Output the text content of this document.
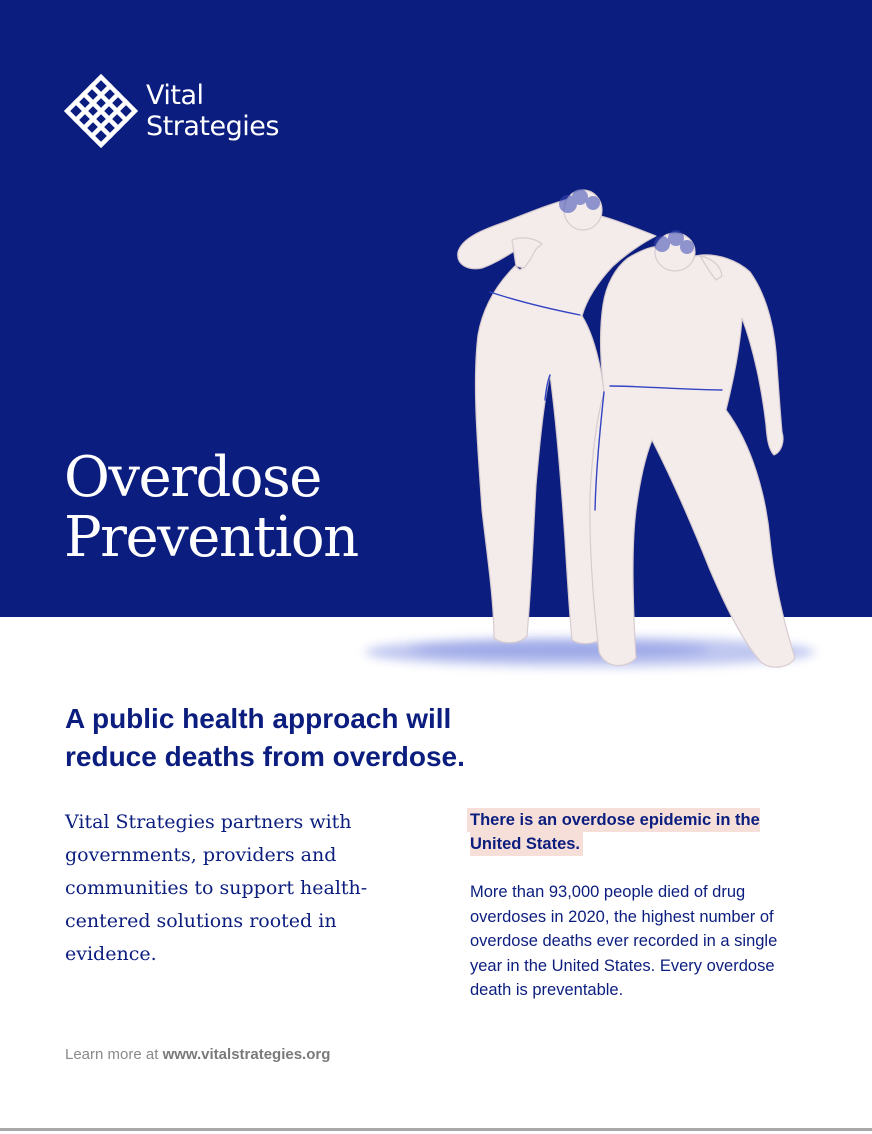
Vital
Strategies
Overdose
Prevention
A public health approach will reduce deaths from overdose.

Vital Strategies partners with governments, providers and communities to support health-centered solutions rooted in evidence.

There is an overdose epidemic in the United States.

More than 93,000 people died of drug overdoses in 2020, the highest number of overdose deaths ever recorded in a single year in the United States. Every overdose death is preventable.

Learn more at www.vitalstrategies.org
